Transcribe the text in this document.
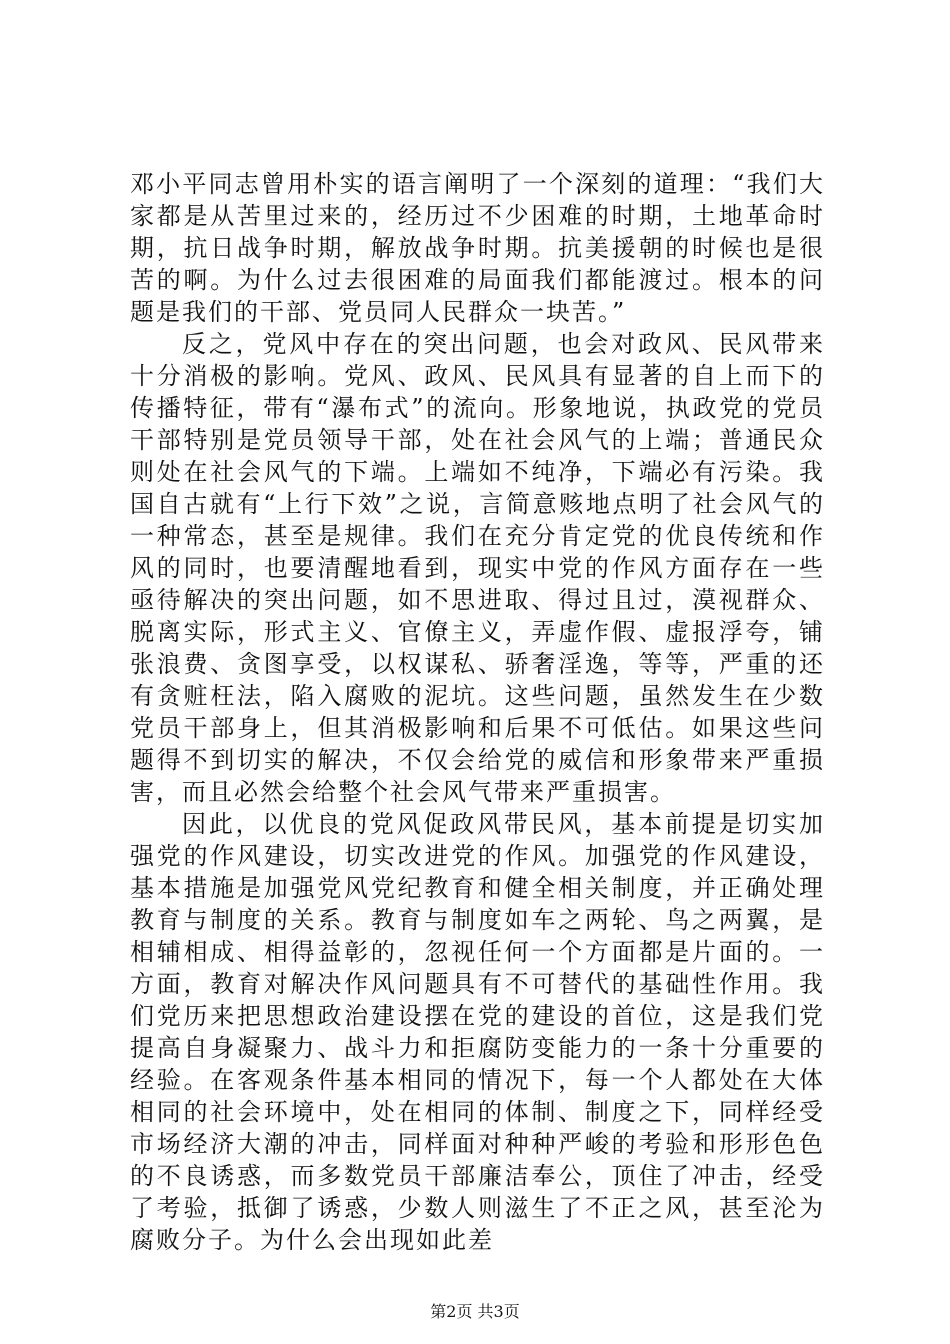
邓小平同志曾用朴实的语言阐明了一个深刻的道理：“我们大家都是从苦里过来的，经历过不少困难的时期，土地革命时期，抗日战争时期，解放战争时期。抗美援朝的时候也是很苦的啊。为什么过去很困难的局面我们都能渡过。根本的问题是我们的干部、党员同人民群众一块苦。”

反之，党风中存在的突出问题，也会对政风、民风带来十分消极的影响。党风、政风、民风具有显著的自上而下的传播特征，带有“瀑布式”的流向。形象地说，执政党的党员干部特别是党员领导干部，处在社会风气的上端；普通民众则处在社会风气的下端。上端如不纯净，下端必有污染。我国自古就有“上行下效”之说，言简意赅地点明了社会风气的一种常态，甚至是规律。我们在充分肯定党的优良传统和作风的同时，也要清醒地看到，现实中党的作风方面存在一些亟待解决的突出问题，如不思进取、得过且过，漠视群众、脱离实际，形式主义、官僚主义，弄虚作假、虚报浮夸，铺张浪费、贪图享受，以权谋私、骄奢淫逸，等等，严重的还有贪赃枉法，陷入腐败的泥坑。这些问题，虽然发生在少数党员干部身上，但其消极影响和后果不可低估。如果这些问题得不到切实的解决，不仅会给党的威信和形象带来严重损害，而且必然会给整个社会风气带来严重损害。

因此，以优良的党风促政风带民风，基本前提是切实加强党的作风建设，切实改进党的作风。加强党的作风建设，基本措施是加强党风党纪教育和健全相关制度，并正确处理教育与制度的关系。教育与制度如车之两轮、鸟之两翼，是相辅相成、相得益彰的，忽视任何一个方面都是片面的。一方面，教育对解决作风问题具有不可替代的基础性作用。我们党历来把思想政治建设摆在党的建设的首位，这是我们党提高自身凝聚力、战斗力和拒腐防变能力的一条十分重要的经验。在客观条件基本相同的情况下，每一个人都处在大体相同的社会环境中，处在相同的体制、制度之下，同样经受市场经济大潮的冲击，同样面对种种严峻的考验和形形色色的不良诱惑，而多数党员干部廉洁奉公，顶住了冲击，经受了考验，抵御了诱惑，少数人则滋生了不正之风，甚至沦为腐败分子。为什么会出现如此差

第2页 共3页
